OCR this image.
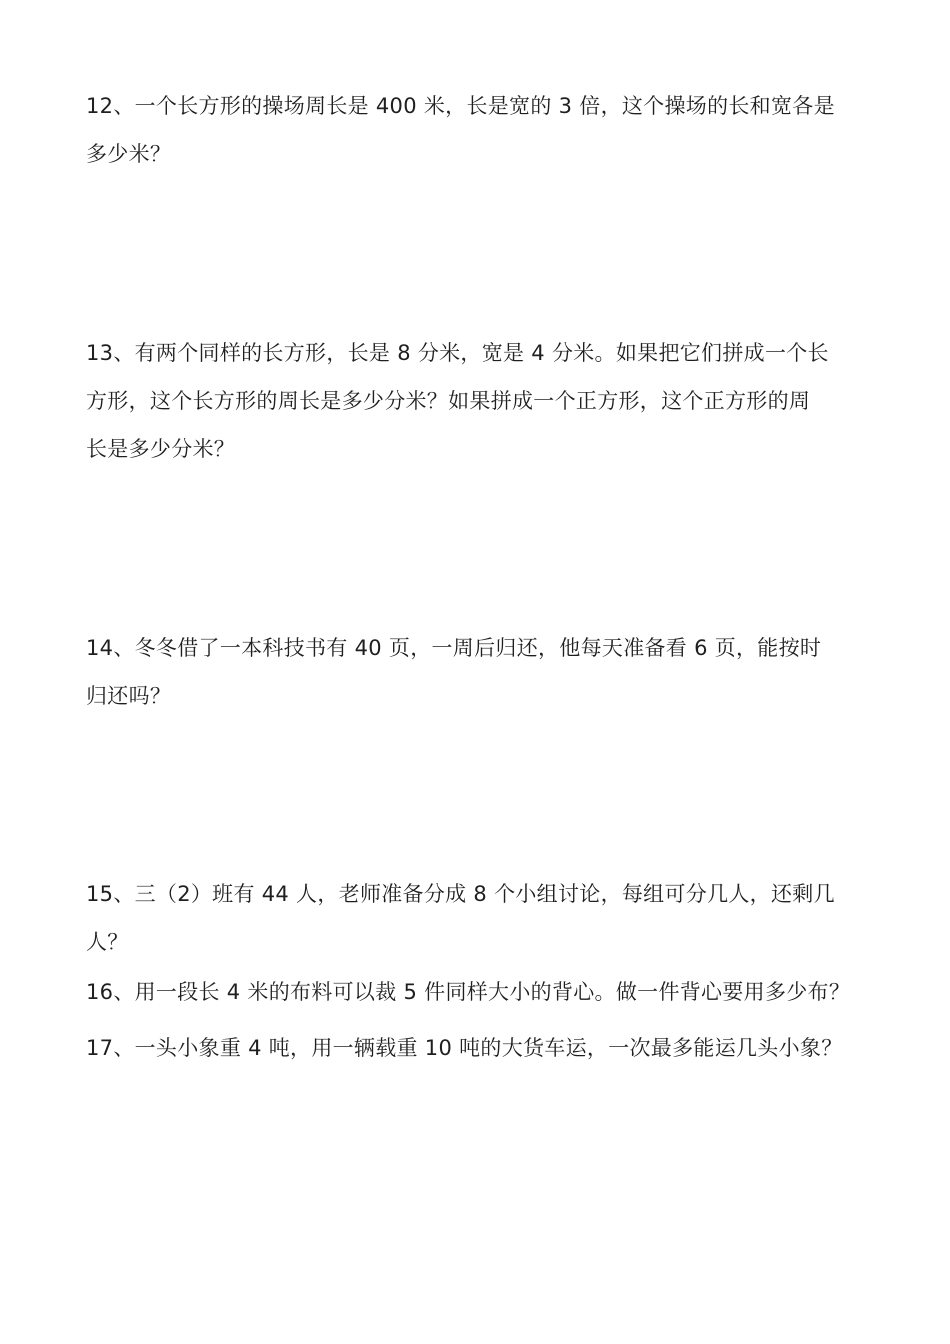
12、一个长方形的操场周长是 400 米，长是宽的 3 倍，这个操场的长和宽各是
多少米？
13、有两个同样的长方形，长是 8 分米，宽是 4 分米。如果把它们拼成一个长
方形，这个长方形的周长是多少分米？如果拼成一个正方形，这个正方形的周
长是多少分米？
14、冬冬借了一本科技书有 40 页，一周后归还，他每天准备看 6 页，能按时
归还吗？
15、三（2）班有 44 人，老师准备分成 8 个小组讨论，每组可分几人，还剩几
人？
16、用一段长 4 米的布料可以裁 5 件同样大小的背心。做一件背心要用多少布？
17、一头小象重 4 吨，用一辆载重 10 吨的大货车运，一次最多能运几头小象？
